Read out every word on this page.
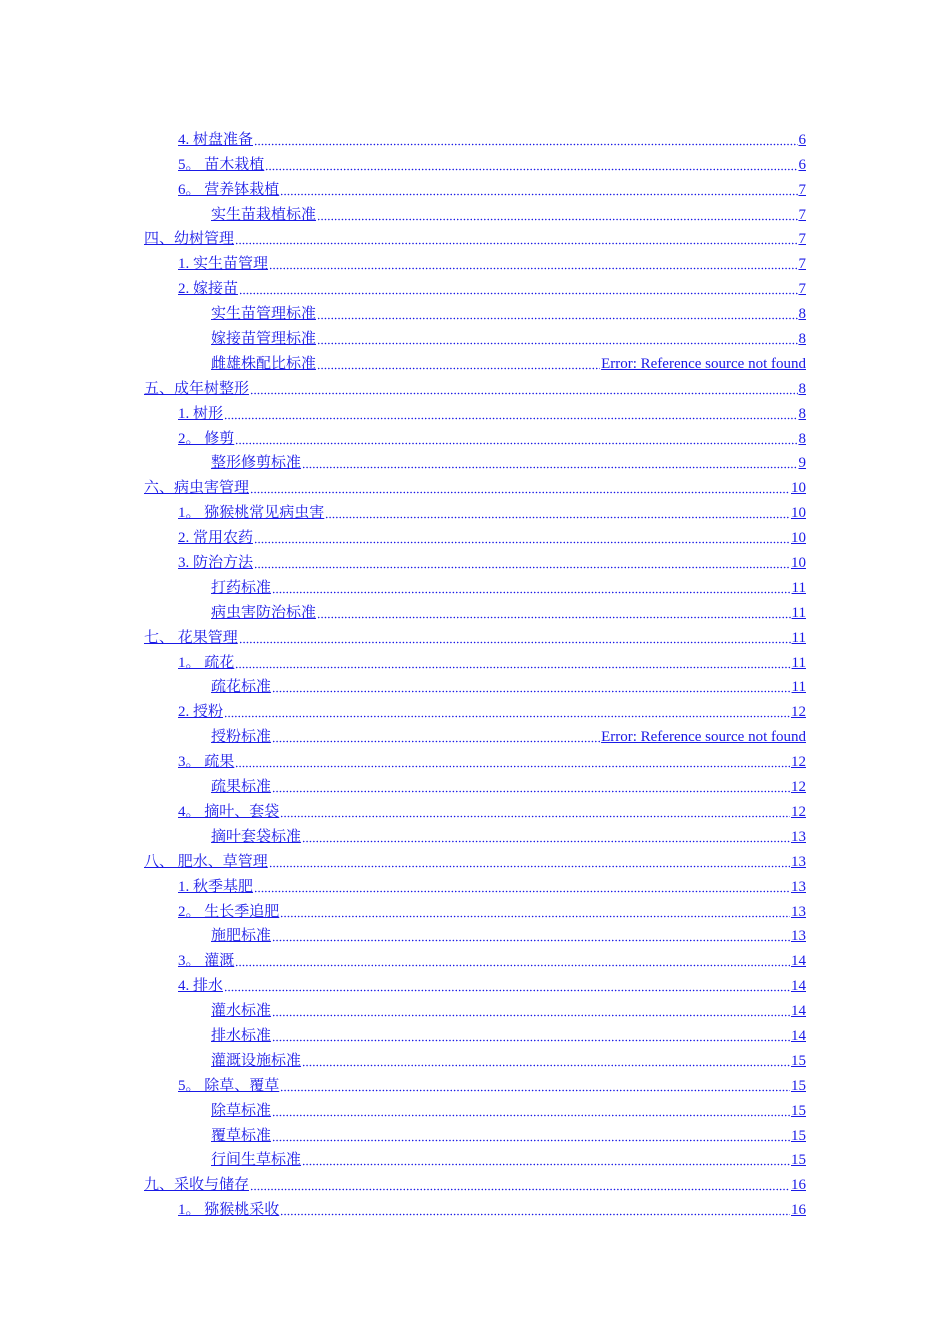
4. 树盘准备	6
5。 苗木栽植	6
6。 营养钵栽植	7
实生苗栽植标准	7
四、幼树管理	7
1. 实生苗管理	7
2. 嫁接苗	7
实生苗管理标准	8
嫁接苗管理标准	8
雌雄株配比标准	Error: Reference source not found
五、成年树整形	8
1. 树形	8
2。 修剪	8
整形修剪标准	9
六、病虫害管理	10
1。 猕猴桃常见病虫害	10
2. 常用农药	10
3. 防治方法	10
打药标准	11
病虫害防治标准	11
七、 花果管理	11
1。 疏花	11
疏花标准	11
2. 授粉	12
授粉标准	Error: Reference source not found
3。 疏果	12
疏果标准	12
4。 摘叶、套袋	12
摘叶套袋标准	13
八、 肥水、草管理	13
1. 秋季基肥	13
2。 生长季追肥	13
施肥标准	13
3。 灌溉	14
4. 排水	14
灌水标准	14
排水标准	14
灌溉设施标准	15
5。 除草、覆草	15
除草标准	15
覆草标准	15
行间生草标准	15
九、采收与储存	16
1。 猕猴桃采收	16
